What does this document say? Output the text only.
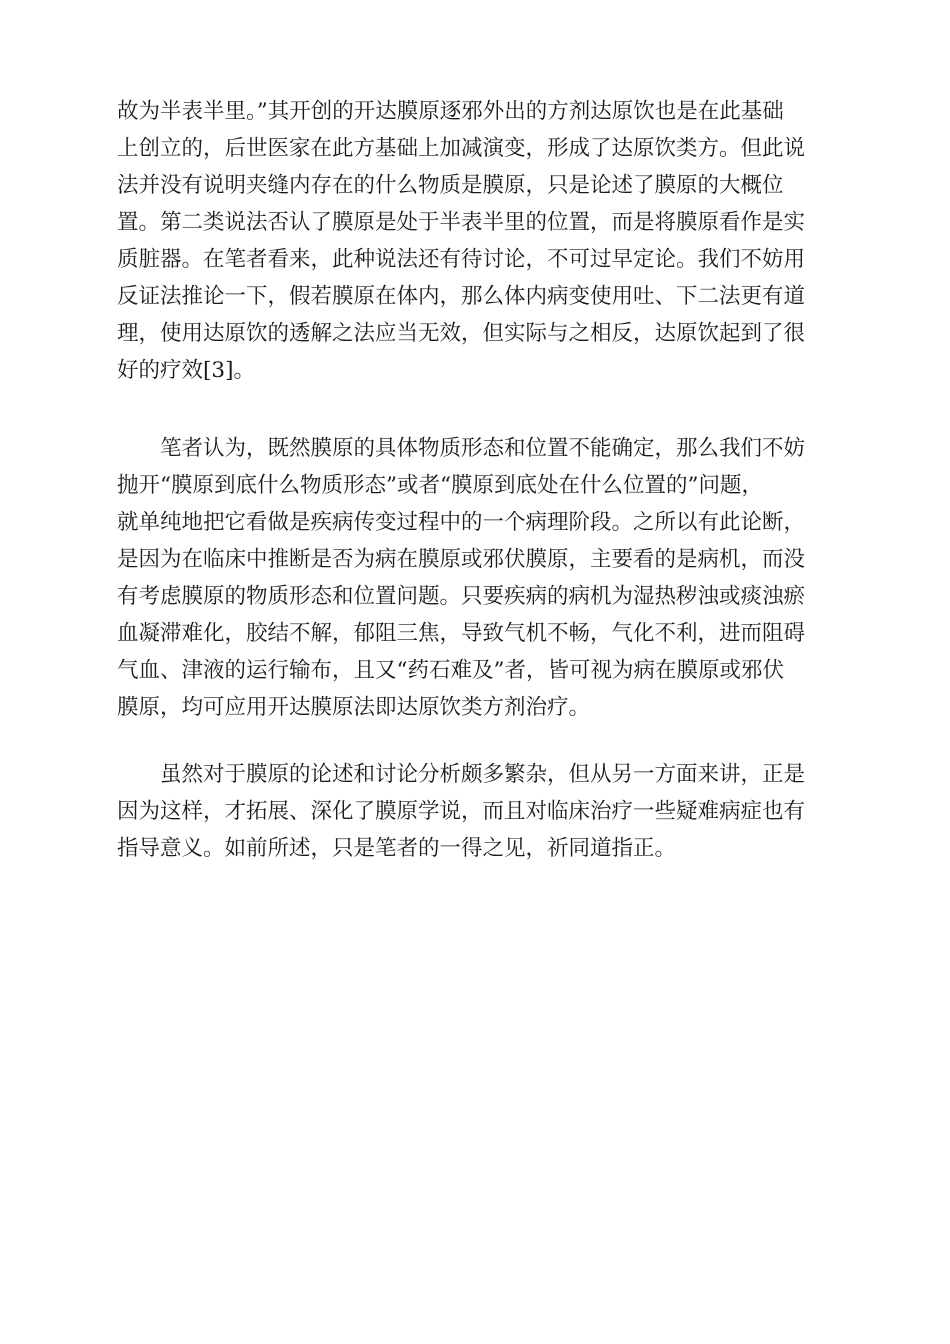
故为半表半里。”其开创的开达膜原逐邪外出的方剂达原饮也是在此基础
上创立的，后世医家在此方基础上加减演变，形成了达原饮类方。但此说
法并没有说明夹缝内存在的什么物质是膜原，只是论述了膜原的大概位
置。第二类说法否认了膜原是处于半表半里的位置，而是将膜原看作是实
质脏器。在笔者看来，此种说法还有待讨论，不可过早定论。我们不妨用
反证法推论一下，假若膜原在体内，那么体内病变使用吐、下二法更有道
理，使用达原饮的透解之法应当无效，但实际与之相反，达原饮起到了很
好的疗效[3]。

　　笔者认为，既然膜原的具体物质形态和位置不能确定，那么我们不妨
抛开“膜原到底什么物质形态”或者“膜原到底处在什么位置的”问题，
就单纯地把它看做是疾病传变过程中的一个病理阶段。之所以有此论断，
是因为在临床中推断是否为病在膜原或邪伏膜原，主要看的是病机，而没
有考虑膜原的物质形态和位置问题。只要疾病的病机为湿热秽浊或痰浊瘀
血凝滞难化，胶结不解，郁阻三焦，导致气机不畅，气化不利，进而阻碍
气血、津液的运行输布，且又“药石难及”者，皆可视为病在膜原或邪伏
膜原，均可应用开达膜原法即达原饮类方剂治疗。

　　虽然对于膜原的论述和讨论分析颇多繁杂，但从另一方面来讲，正是
因为这样，才拓展、深化了膜原学说，而且对临床治疗一些疑难病症也有
指导意义。如前所述，只是笔者的一得之见，祈同道指正。
